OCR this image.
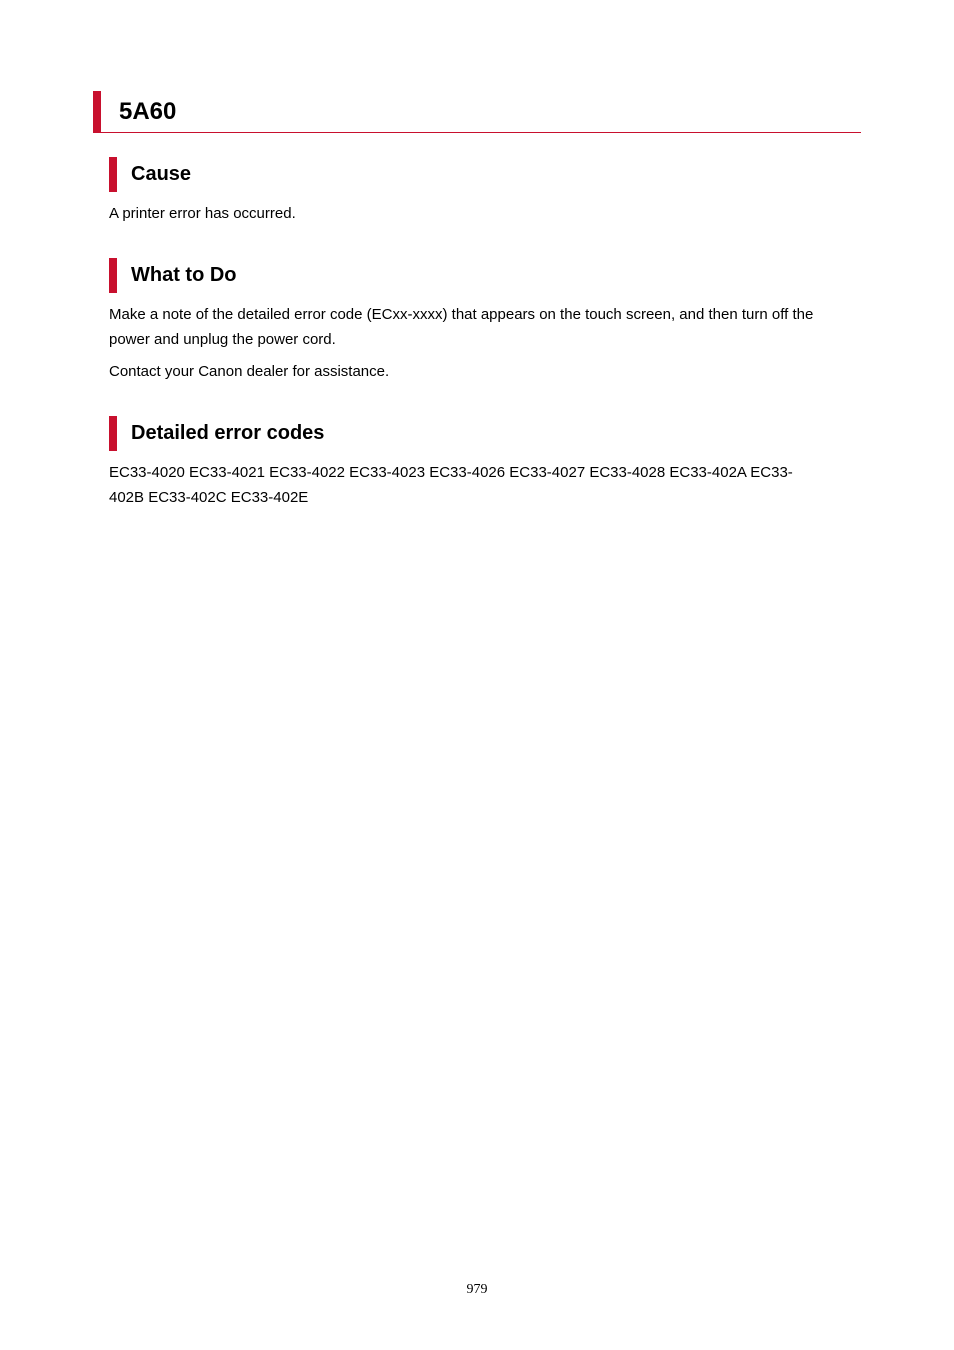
5A60
Cause

A printer error has occurred.

What to Do

Make a note of the detailed error code (ECxx-xxxx) that appears on the touch screen, and then turn off the power and unplug the power cord.

Contact your Canon dealer for assistance.

Detailed error codes

EC33-4020 EC33-4021 EC33-4022 EC33-4023 EC33-4026 EC33-4027 EC33-4028 EC33-402A EC33-402B EC33-402C EC33-402E

979
